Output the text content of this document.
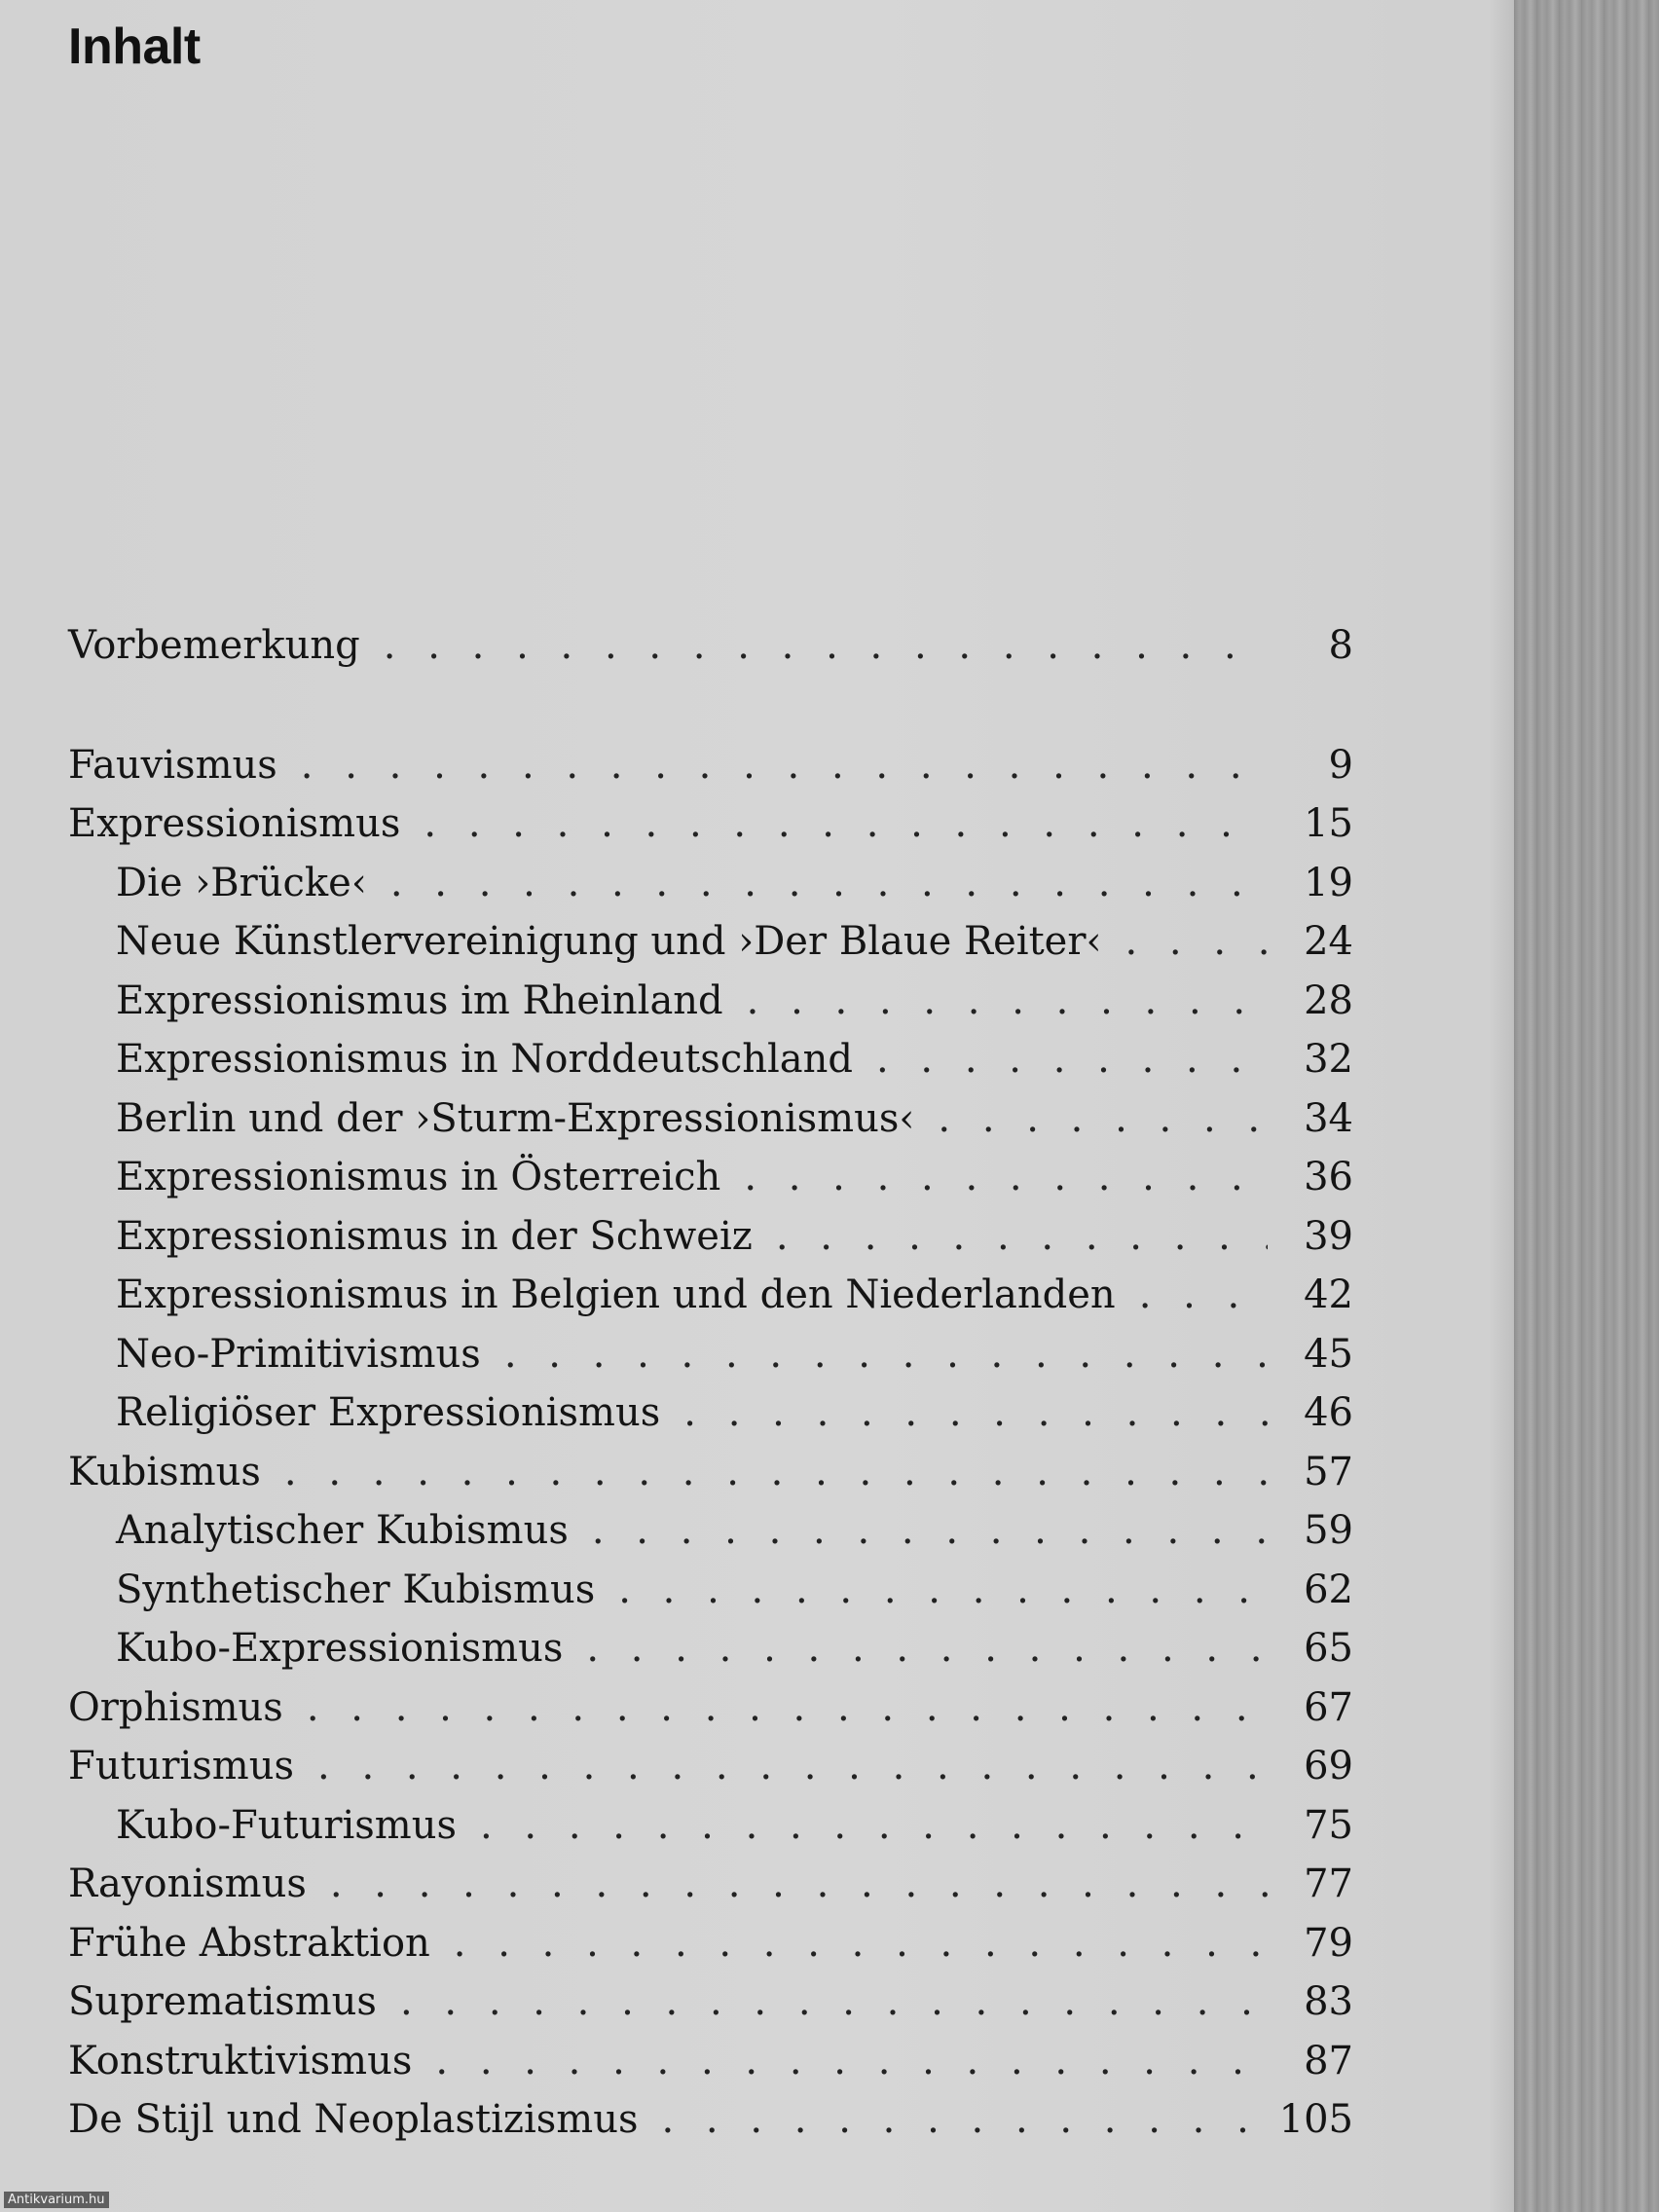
Inhalt
Vorbemerkung . . .	8
Fauvismus . . .	9
Expressionismus . . .	15
Die ›Brücke‹ . . .	19
Neue Künstlervereinigung und ›Der Blaue Reiter‹ . . .	24
Expressionismus im Rheinland . . .	28
Expressionismus in Norddeutschland . . .	32
Berlin und der ›Sturm-Expressionismus‹ . . .	34
Expressionismus in Österreich . . .	36
Expressionismus in der Schweiz . . .	39
Expressionismus in Belgien und den Niederlanden . . .	42
Neo-Primitivismus . . .	45
Religiöser Expressionismus . . .	46
Kubismus . . .	57
Analytischer Kubismus . . .	59
Synthetischer Kubismus . . .	62
Kubo-Expressionismus . . .	65
Orphismus . . .	67
Futurismus . . .	69
Kubo-Futurismus . . .	75
Rayonismus . . .	77
Frühe Abstraktion . . .	79
Suprematismus . . .	83
Konstruktivismus . . .	87
De Stijl und Neoplastizismus . . .	105
Antikvarium.hu
